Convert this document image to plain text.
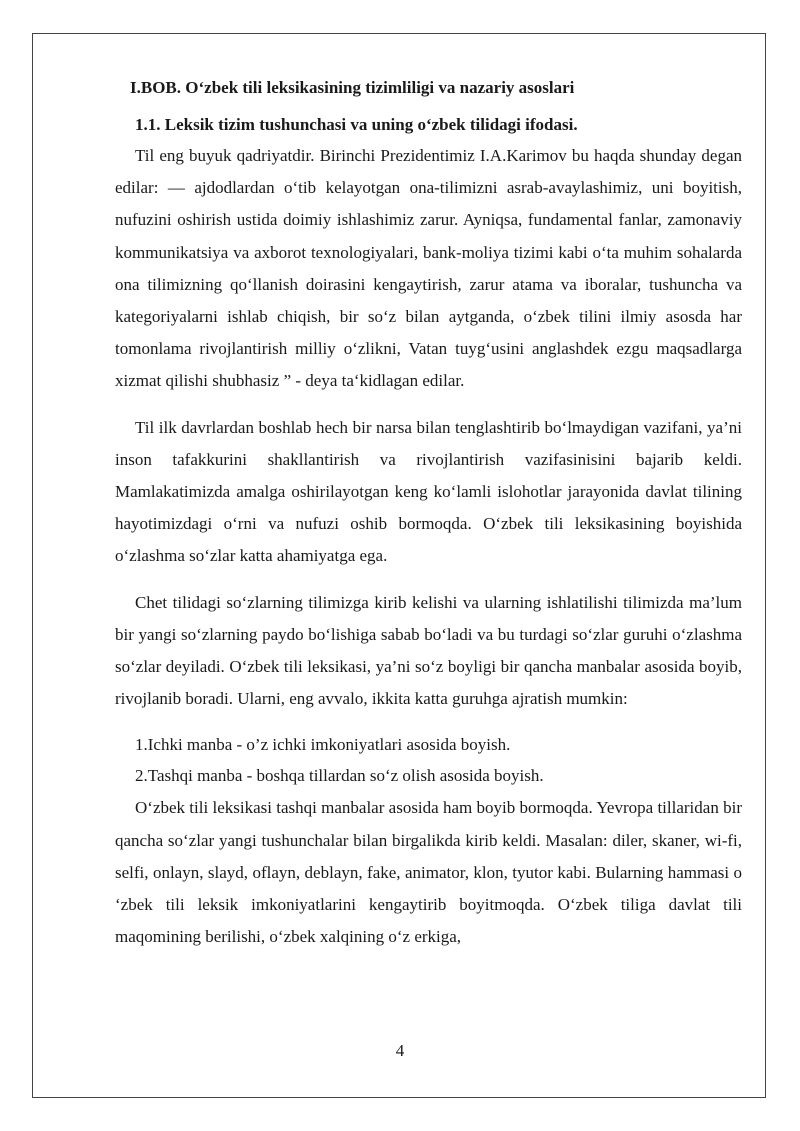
I.BOB. O‘zbek tili leksikasining tizimliligi va nazariy asoslari

1.1. Leksik tizim tushunchasi va uning o‘zbek tilidagi ifodasi.

Til eng buyuk qadriyatdir. Birinchi Prezidentimiz I.A.Karimov bu haqda shunday degan edilar: — ajdodlardan o‘tib kelayotgan ona-tilimizni asrab-avaylashimiz, uni boyitish, nufuzini oshirish ustida doimiy ishlashimiz zarur. Ayniqsa, fundamental fanlar, zamonaviy kommunikatsiya va axborot texnologiyalari, bank-moliya tizimi kabi o‘ta muhim sohalarda ona tilimizning qo‘llanish doirasini kengaytirish, zarur atama va iboralar, tushuncha va kategoriyalarni ishlab chiqish, bir so‘z bilan aytganda, o‘zbek tilini ilmiy asosda har tomonlama rivojlantirish milliy o‘zlikni, Vatan tuyg‘usini anglashdek ezgu maqsadlarga xizmat qilishi shubhasiz ” - deya ta‘kidlagan edilar.

Til ilk davrlardan boshlab hech bir narsa bilan tenglashtirib bo‘lmaydigan vazifani, ya’ni inson tafakkurini shakllantirish va rivojlantirish vazifasinisini bajarib keldi. Mamlakatimizda amalga oshirilayotgan keng ko‘lamli islohotlar jarayonida davlat tilining hayotimizdagi o‘rni va nufuzi oshib bormoqda. O‘zbek tili leksikasining boyishida o‘zlashma so‘zlar katta ahamiyatga ega.

Chet tilidagi so‘zlarning tilimizga kirib kelishi va ularning ishlatilishi tilimizda ma’lum bir yangi so‘zlarning paydo bo‘lishiga sabab bo‘ladi va bu turdagi so‘zlar guruhi o‘zlashma so‘zlar deyiladi. O‘zbek tili leksikasi, ya’ni so‘z boyligi bir qancha manbalar asosida boyib, rivojlanib boradi. Ularni, eng avvalo, ikkita katta guruhga ajratish mumkin:

1.Ichki manba - o’z ichki imkoniyatlari asosida boyish.

2.Tashqi manba - boshqa tillardan so‘z olish asosida boyish.

O‘zbek tili leksikasi tashqi manbalar asosida ham boyib bormoqda. Yevropa tillaridan bir qancha so‘zlar yangi tushunchalar bilan birgalikda kirib keldi. Masalan: diler, skaner, wi-fi, selfi, onlayn, slayd, oflayn, deblayn, fake, animator, klon, tyutor kabi. Bularning hammasi o ‘zbek tili leksik imkoniyatlarini kengaytirib boyitmoqda. O‘zbek tiliga davlat tili maqomining berilishi, o‘zbek xalqining o‘z erkiga,

4
